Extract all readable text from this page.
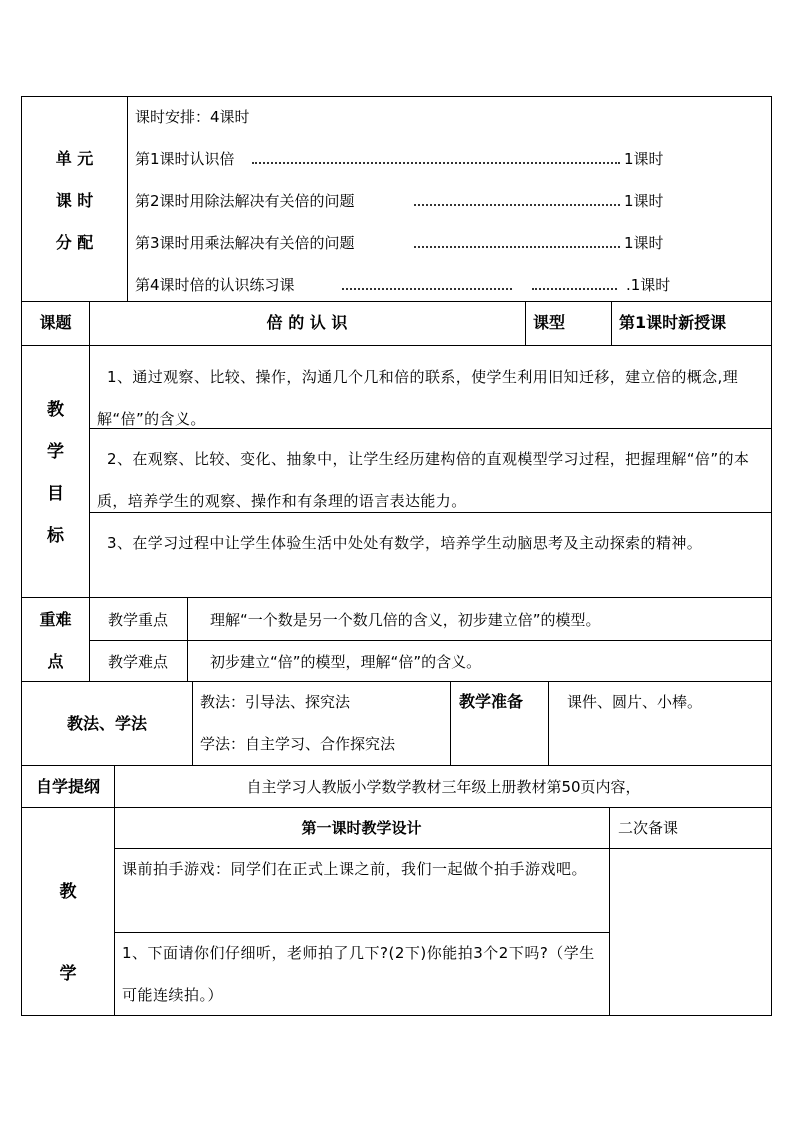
单 元
课 时
分 配
课时安排：4课时
第1课时认识倍	1课时
第2课时用除法解决有关倍的问题	1课时
第3课时用乘法解决有关倍的问题	1课时
第4课时倍的认识练习课	.1课时
课题	倍 的 认 识	课型	第1课时新授课
教
学
目
标
1、通过观察、比较、操作，沟通几个几和倍的联系，使学生利用旧知迁移，建立倍的概念,理解“倍”的含义。
2、在观察、比较、变化、抽象中，让学生经历建构倍的直观模型学习过程，把握理解“倍”的本质，培养学生的观察、操作和有条理的语言表达能力。
3、在学习过程中让学生体验生活中处处有数学，培养学生动脑思考及主动探索的精神。
重难
点
教学重点	理解“一个数是另一个数几倍的含义，初步建立倍”的模型。
教学难点	初步建立“倍”的模型，理解“倍”的含义。
教法、学法
教法：引导法、探究法
学法：自主学习、合作探究法
教学准备	课件、圆片、小棒。
自学提纲	自主学习人教版小学数学教材三年级上册教材第50页内容，
教
学
第一课时教学设计	二次备课
课前拍手游戏：同学们在正式上课之前，我们一起做个拍手游戏吧。
1、下面请你们仔细听，老师拍了几下?(2下)你能拍3个2下吗?（学生可能连续拍。）
